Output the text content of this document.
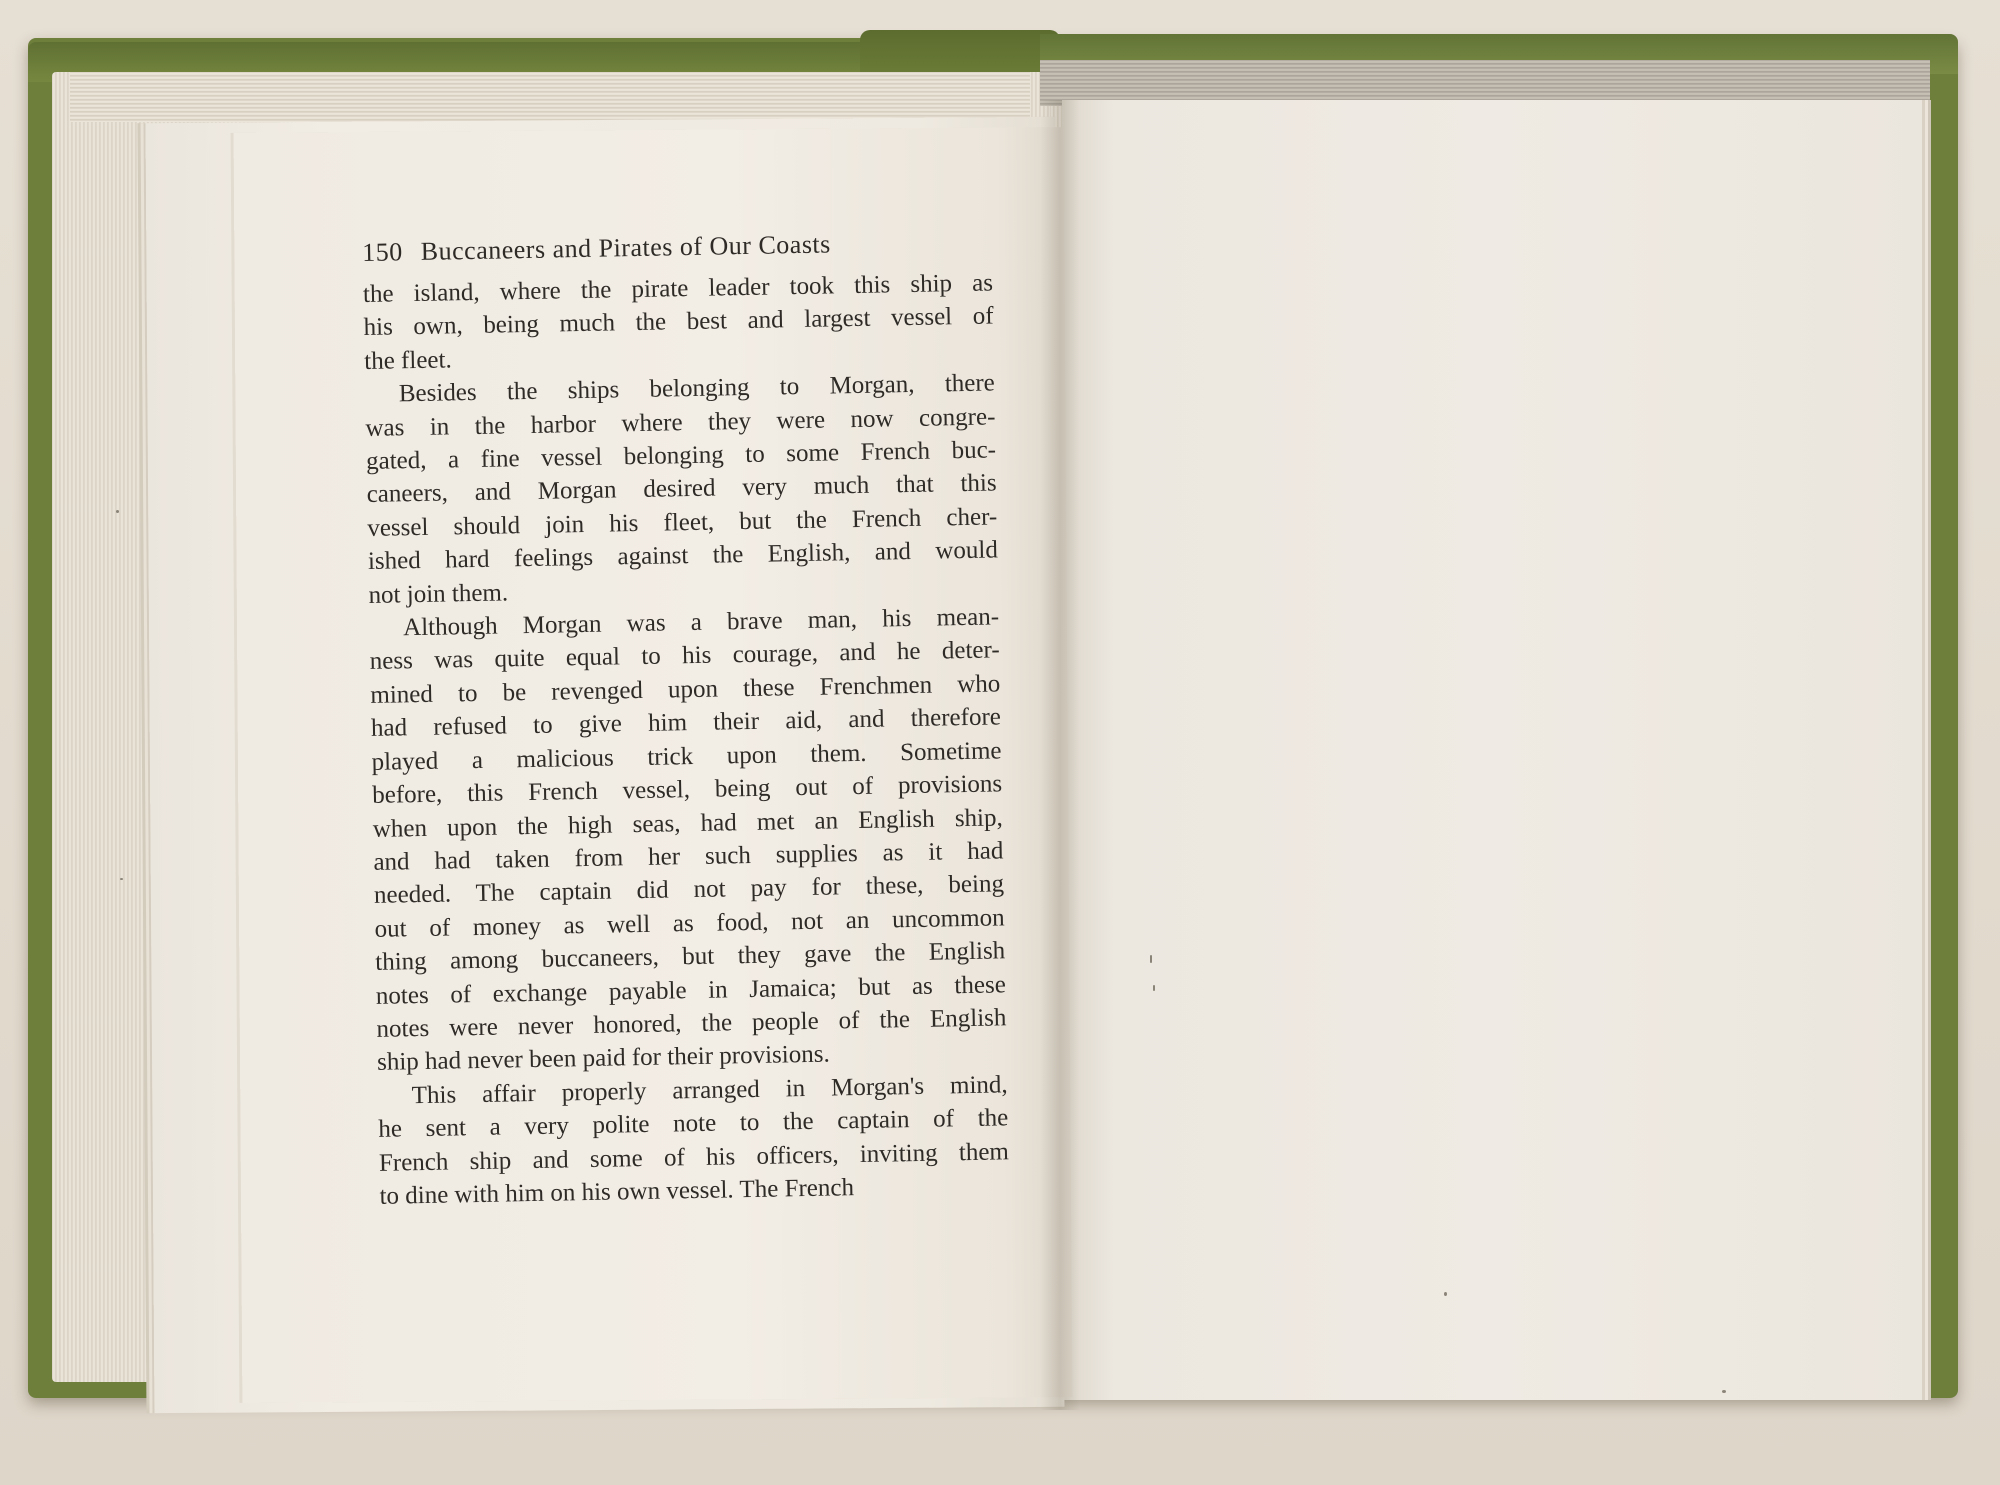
150 Buccaneers and Pirates of Our Coasts
the island, where the pirate leader took this ship as
his own, being much the best and largest vessel of
the fleet.
Besides the ships belonging to Morgan, there
was in the harbor where they were now congre-
gated, a fine vessel belonging to some French buc-
caneers, and Morgan desired very much that this
vessel should join his fleet, but the French cher-
ished hard feelings against the English, and would
not join them.
Although Morgan was a brave man, his mean-
ness was quite equal to his courage, and he deter-
mined to be revenged upon these Frenchmen who
had refused to give him their aid, and therefore
played a malicious trick upon them. Sometime
before, this French vessel, being out of provisions
when upon the high seas, had met an English ship,
and had taken from her such supplies as it had
needed. The captain did not pay for these, being
out of money as well as food, not an uncommon
thing among buccaneers, but they gave the English
notes of exchange payable in Jamaica; but as these
notes were never honored, the people of the English
ship had never been paid for their provisions.
This affair properly arranged in Morgan's mind,
he sent a very polite note to the captain of the
French ship and some of his officers, inviting them
to dine with him on his own vessel. The French
